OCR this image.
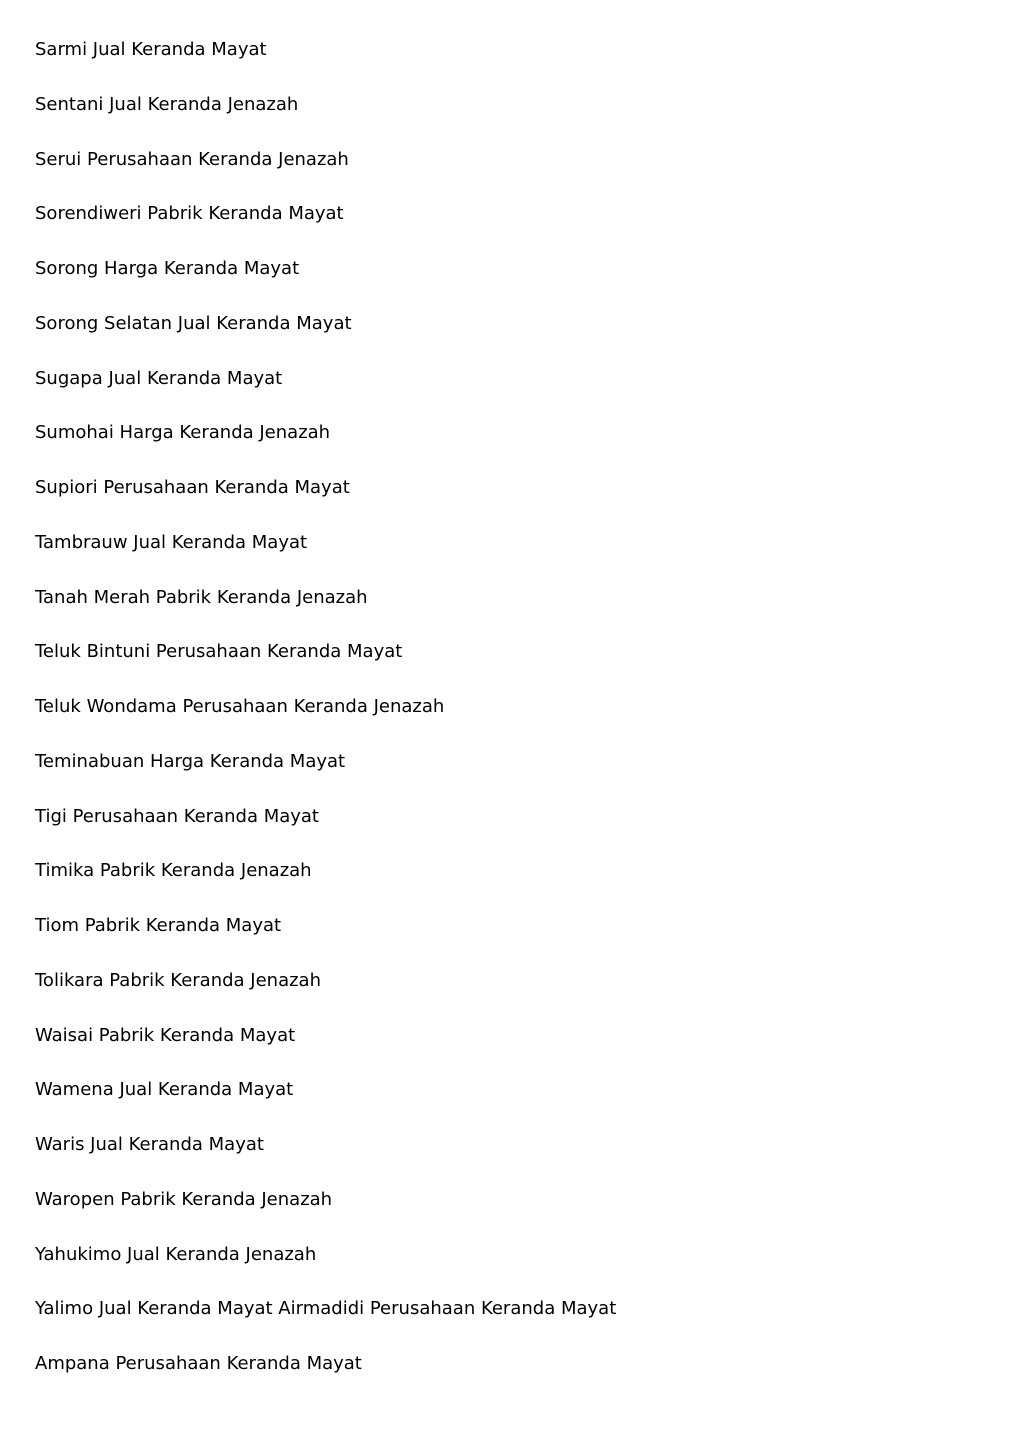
Sarmi Jual Keranda Mayat
Sentani Jual Keranda Jenazah
Serui Perusahaan Keranda Jenazah
Sorendiweri Pabrik Keranda Mayat
Sorong Harga Keranda Mayat
Sorong Selatan Jual Keranda Mayat
Sugapa Jual Keranda Mayat
Sumohai Harga Keranda Jenazah
Supiori Perusahaan Keranda Mayat
Tambrauw Jual Keranda Mayat
Tanah Merah Pabrik Keranda Jenazah
Teluk Bintuni Perusahaan Keranda Mayat
Teluk Wondama Perusahaan Keranda Jenazah
Teminabuan Harga Keranda Mayat
Tigi Perusahaan Keranda Mayat
Timika Pabrik Keranda Jenazah
Tiom Pabrik Keranda Mayat
Tolikara Pabrik Keranda Jenazah
Waisai Pabrik Keranda Mayat
Wamena Jual Keranda Mayat
Waris Jual Keranda Mayat
Waropen Pabrik Keranda Jenazah
Yahukimo Jual Keranda Jenazah
Yalimo Jual Keranda Mayat Airmadidi Perusahaan Keranda Mayat
Ampana Perusahaan Keranda Mayat
